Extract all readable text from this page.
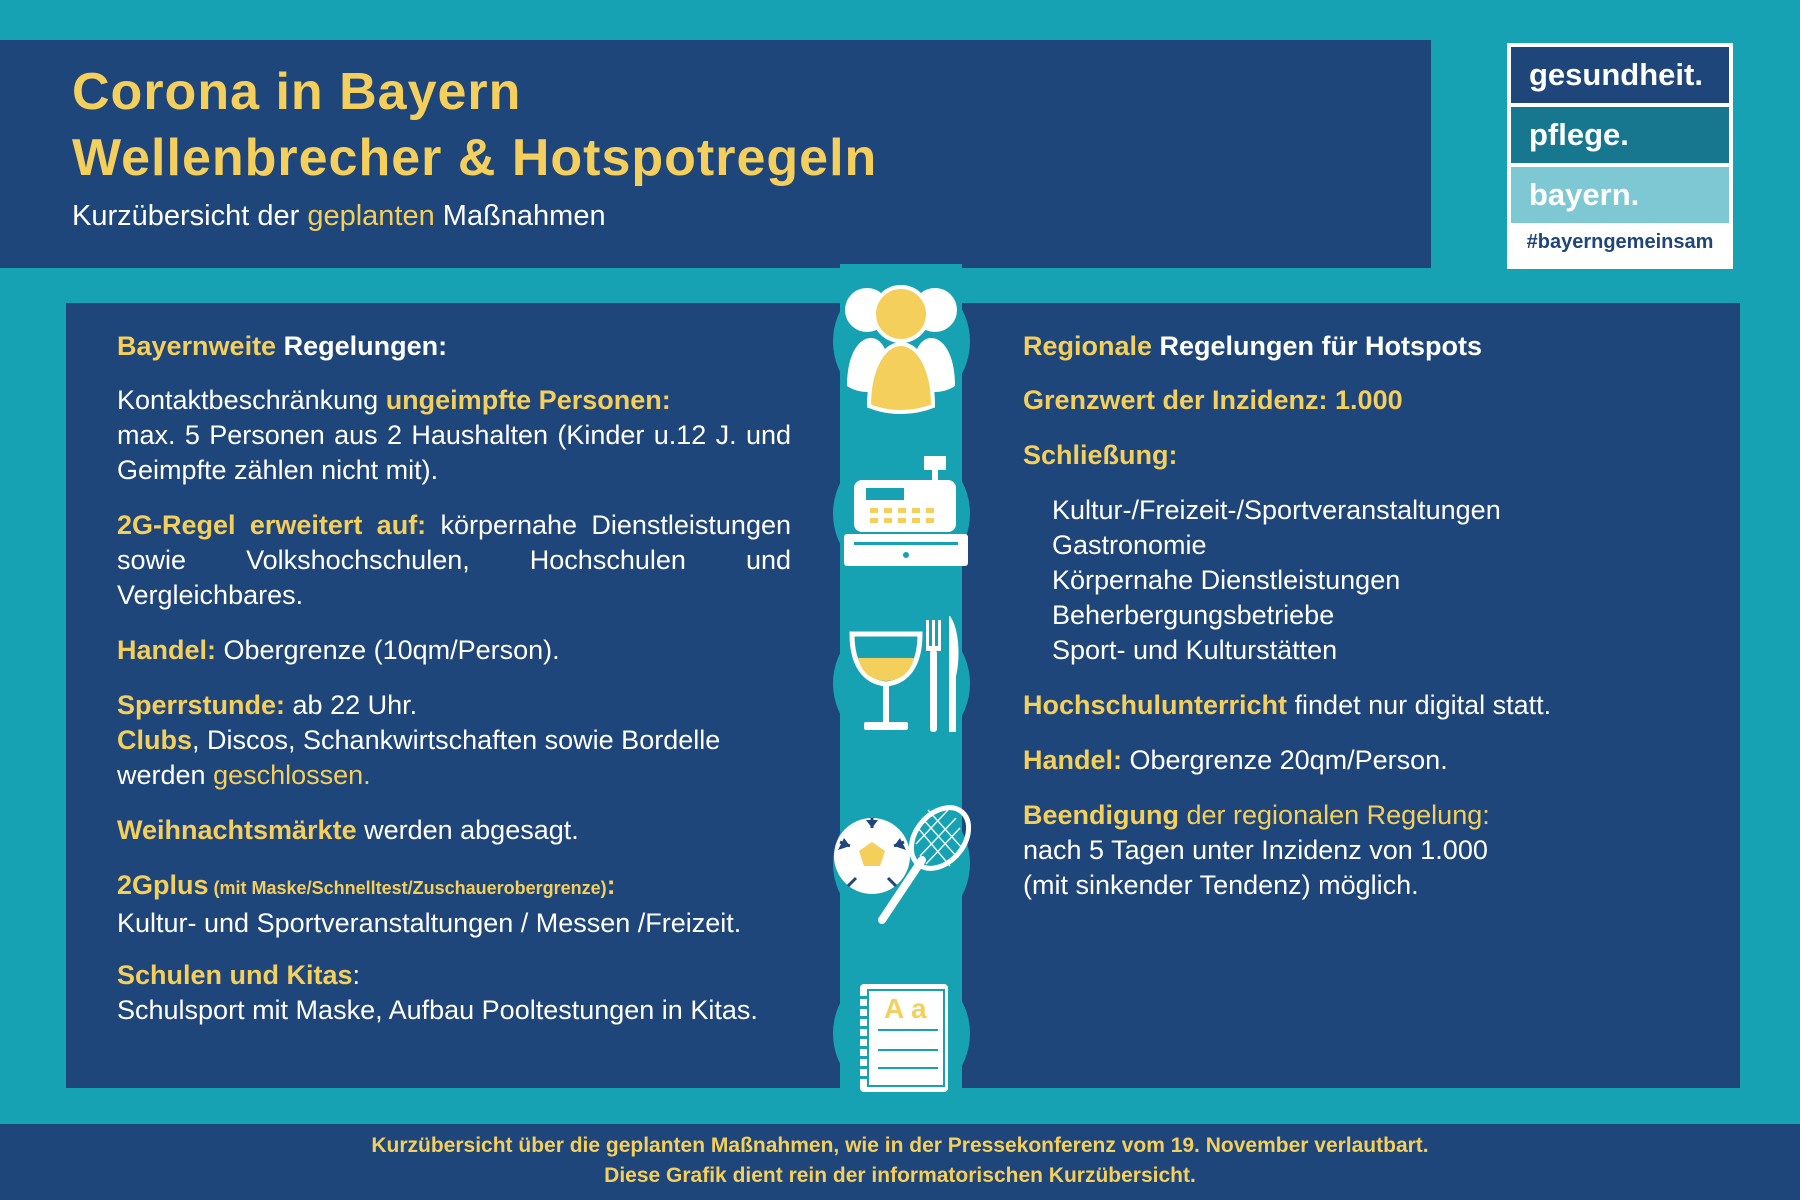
Corona in Bayern
Wellenbrecher & Hotspotregeln
Kurzübersicht der geplanten Maßnahmen
gesundheit.
pflege.
bayern.
#bayerngemeinsam
Bayernweite Regelungen:
Kontaktbeschränkung ungeimpfte Personen:
max. 5 Personen aus 2 Haushalten (Kinder u.12 J. und Geimpfte zählen nicht mit).
2G-Regel erweitert auf: körpernahe Dienstleistungen sowie Volkshochschulen, Hochschulen und Vergleichbares.
Handel: Obergrenze (10qm/Person).
Sperrstunde: ab 22 Uhr.
Clubs, Discos, Schankwirtschaften sowie Bordelle werden geschlossen.
Weihnachtsmärkte werden abgesagt.
2Gplus (mit Maske/Schnelltest/Zuschauerobergrenze):
Kultur- und Sportveranstaltungen / Messen /Freizeit.
Schulen und Kitas:
Schulsport mit Maske, Aufbau Pooltestungen in Kitas.
Regionale Regelungen für Hotspots
Grenzwert der Inzidenz: 1.000
Schließung:
Kultur-/Freizeit-/Sportveranstaltungen
Gastronomie
Körpernahe Dienstleistungen
Beherbergungsbetriebe
Sport- und Kulturstätten
Hochschulunterricht findet nur digital statt.
Handel: Obergrenze 20qm/Person.
Beendigung der regionalen Regelung:
nach 5 Tagen unter Inzidenz von 1.000
(mit sinkender Tendenz) möglich.
A a
Kurzübersicht über die geplanten Maßnahmen, wie in der Pressekonferenz vom 19. November verlautbart.
Diese Grafik dient rein der informatorischen Kurzübersicht.
